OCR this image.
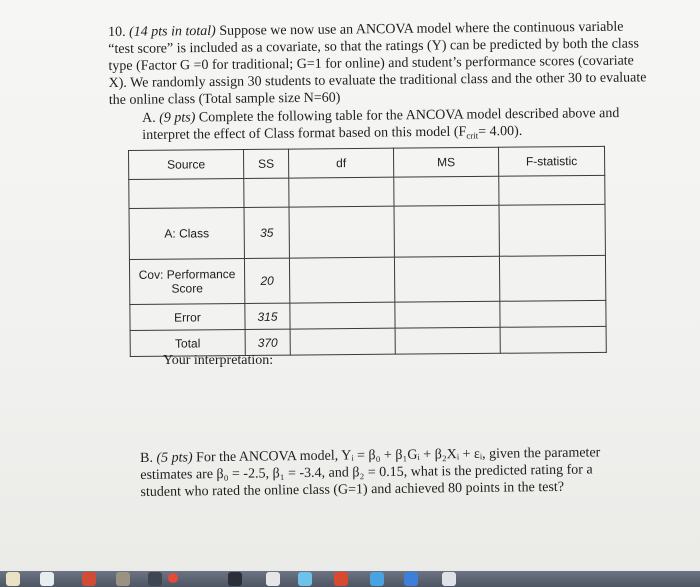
10. (14 pts in total) Suppose we now use an ANCOVA model where the continuous variable “test score” is included as a covariate, so that the ratings (Y) can be predicted by both the class type (Factor G =0 for traditional; G=1 for online) and student’s performance scores (covariate X). We randomly assign 30 students to evaluate the traditional class and the other 30 to evaluate the online class (Total sample size N=60)
A. (9 pts) Complete the following table for the ANCOVA model described above and interpret the effect of Class format based on this model $(F_{crit}= 4.00)$.
Source	SS	df	MS	F-statistic

A: Class	35			
Cov: Performance Score	20			
Error	315			
Total	370			
Your interpretation:
B. (5 pts) For the ANCOVA model, Yᵢ = β₀ + β₁Gᵢ + β₂Xᵢ + εᵢ, given the parameter estimates are β₀ = -2.5, β₁ = -3.4, and β₂ = 0.15, what is the predicted rating for a student who rated the online class (G=1) and achieved 80 points in the test?
